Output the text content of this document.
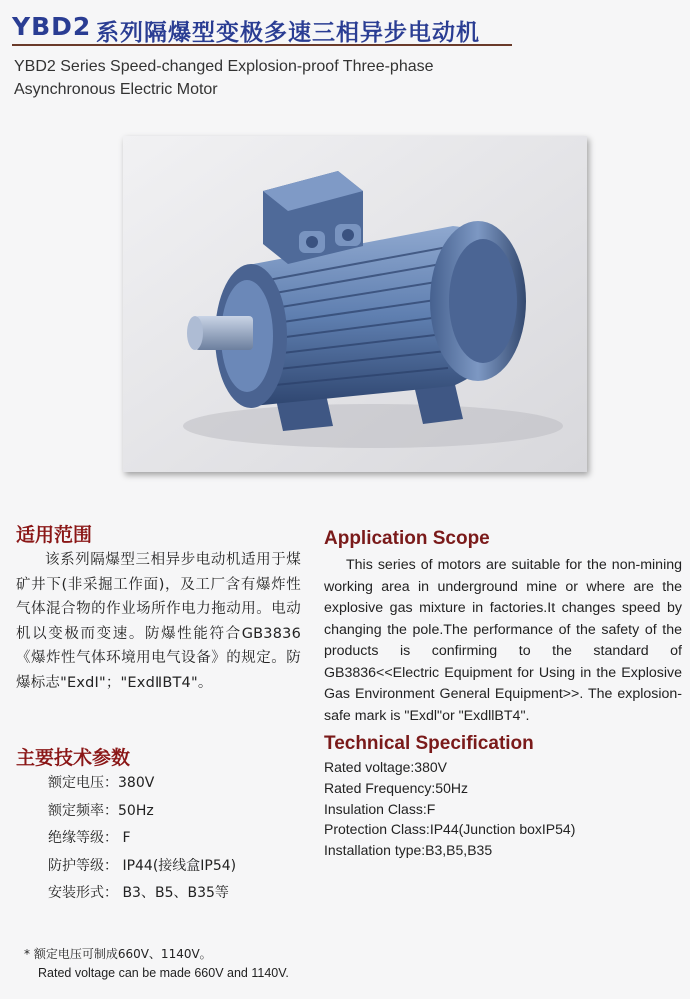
YBD2 系列隔爆型变极多速三相异步电动机
YBD2 Series Speed-changed Explosion-proof Three-phase
Asynchronous Electric Motor
适用范围
该系列隔爆型三相异步电动机适用于煤矿井下(非采掘工作面)，及工厂含有爆炸性气体混合物的作业场所作电力拖动用。电动机以变极而变速。防爆性能符合GB3836《爆炸性气体环境用电气设备》的规定。防爆标志"ExdⅠ"；"ExdⅡBT4"。
Application Scope
This series of motors are suitable for the non-mining working area in underground mine or where are the explosive gas mixture in factories.It changes speed by changing the pole.The performance of the safety of the products is confirming to the standard of GB3836<<Electric Equipment for Using in the Explosive Gas Environment General Equipment>>. The explosion-safe mark is "Exdl"or "ExdllBT4".
主要技术参数
额定电压：380V
额定频率：50Hz
绝缘等级： F
防护等级： IP44(接线盒IP54)
安装形式： B3、B5、B35等
Technical Specification
Rated voltage:380V
Rated Frequency:50Hz
Insulation Class:F
Protection Class:IP44(Junction boxIP54)
Installation type:B3,B5,B35
* 额定电压可制成660V、1140V。
Rated voltage can be made 660V and 1140V.
